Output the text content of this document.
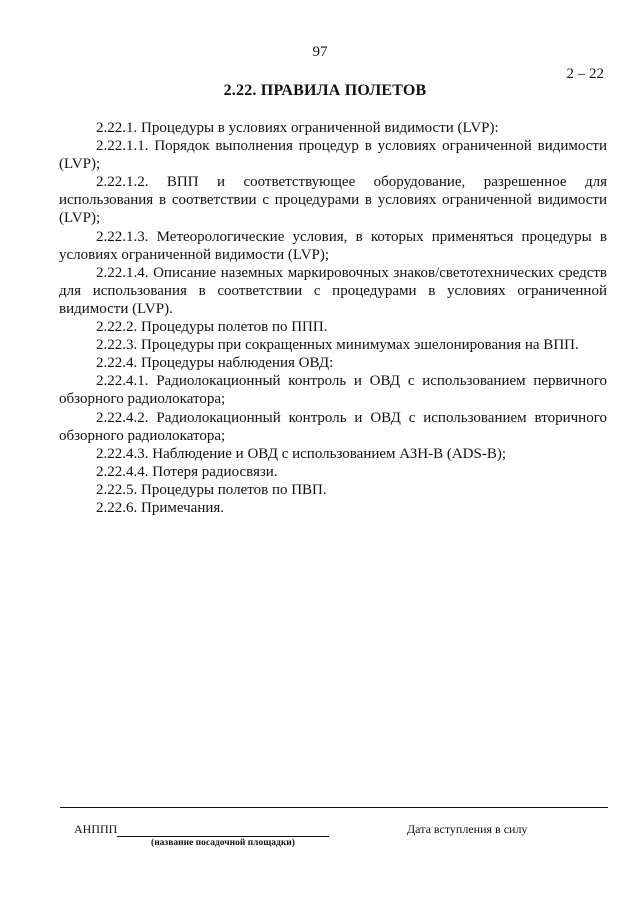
97
2 – 22
2.22. ПРАВИЛА ПОЛЕТОВ

2.22.1. Процедуры в условиях ограниченной видимости (LVP):

2.22.1.1. Порядок выполнения процедур в условиях ограниченной видимости (LVP);

2.22.1.2. ВПП и соответствующее оборудование, разрешенное для использования в соответствии с процедурами в условиях ограниченной видимости (LVP);

2.22.1.3. Метеорологические условия, в которых применяться процедуры в условиях ограниченной видимости (LVP);

2.22.1.4. Описание наземных маркировочных знаков/светотехнических средств для использования в соответствии с процедурами в условиях ограниченной видимости (LVP).

2.22.2. Процедуры полетов по ППП.

2.22.3. Процедуры при сокращенных минимумах эшелонирования на ВПП.

2.22.4. Процедуры наблюдения ОВД:

2.22.4.1. Радиолокационный контроль и ОВД с использованием первичного обзорного радиолокатора;

2.22.4.2. Радиолокационный контроль и ОВД с использованием вторичного обзорного радиолокатора;

2.22.4.3. Наблюдение и ОВД с использованием АЗН-В (ADS-B);

2.22.4.4. Потеря радиосвязи.

2.22.5. Процедуры полетов по ПВП.

2.22.6. Примечания.

АНППП
(название посадочной площадки)
Дата вступления в силу
